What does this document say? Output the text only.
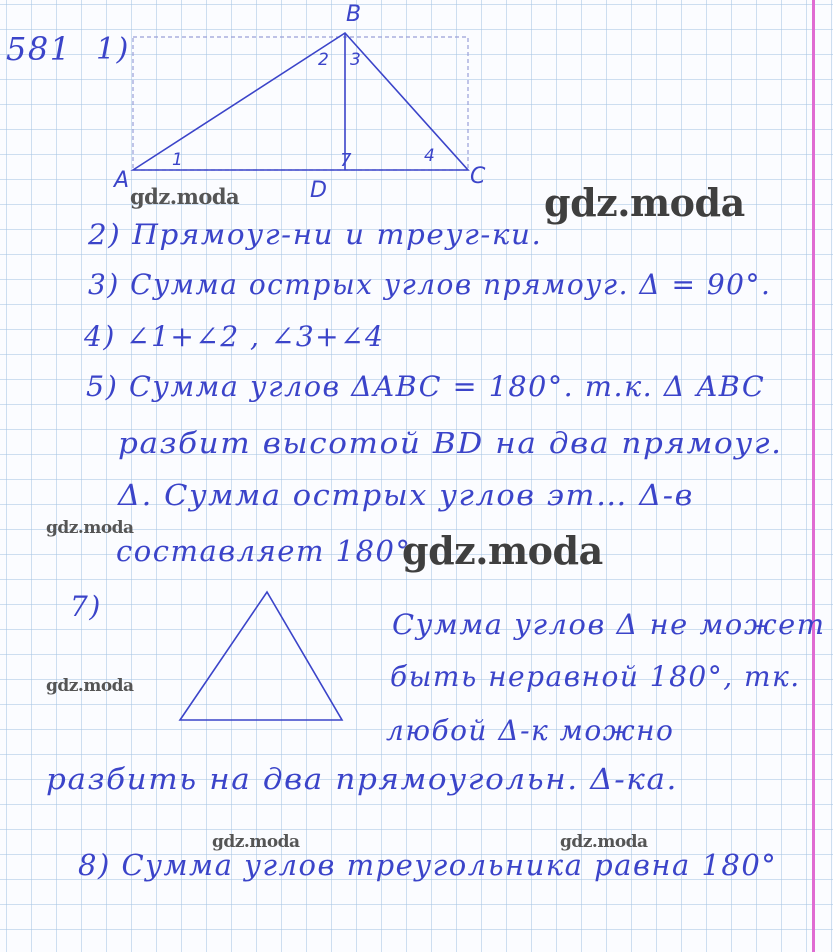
581 1)
A
B
C
D
1
2 3
4
7
2) Прямоуг-ни и треуг-ки.
3) Сумма острых углов прямоуг. Δ = 90°.
4) ∠1+∠2 , ∠3+∠4
5) Сумма углов ΔABC = 180°. т.к. Δ ABC
разбит высотой BD на два прямоуг.
Δ. Сумма острых углов эт… Δ-в
составляет 180°
7)
Сумма углов Δ не может
быть неравной 180°, тк.
любой Δ-к можно
разбить на два прямоугольн. Δ-ка.
8) Сумма углов треугольника равна 180°
gdz.moda	gdz.moda
gdz.moda	gdz.moda
gdz.moda
gdz.moda	gdz.moda
